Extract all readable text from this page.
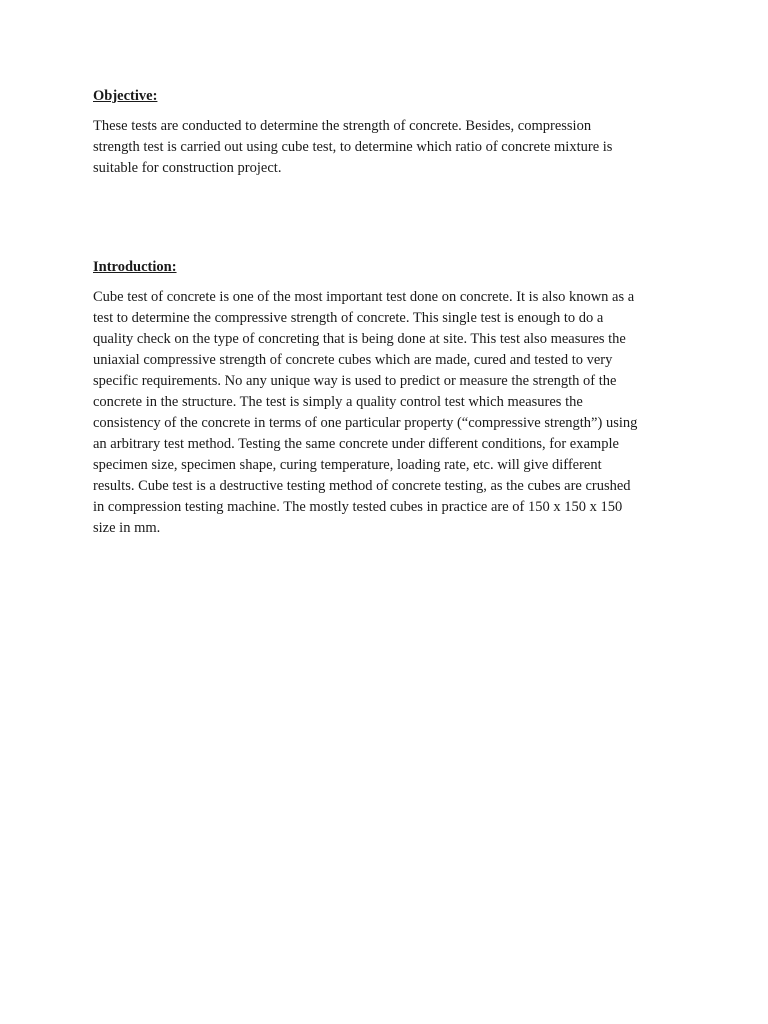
Objective:

These tests are conducted to determine the strength of concrete. Besides, compression
strength test is carried out using cube test, to determine which ratio of concrete mixture is
suitable for construction project.

Introduction:

Cube test of concrete is one of the most important test done on concrete. It is also known as a
test to determine the compressive strength of concrete. This single test is enough to do a
quality check on the type of concreting that is being done at site. This test also measures the
uniaxial compressive strength of concrete cubes which are made, cured and tested to very
specific requirements. No any unique way is used to predict or measure the strength of the
concrete in the structure. The test is simply a quality control test which measures the
consistency of the concrete in terms of one particular property (“compressive strength”) using
an arbitrary test method. Testing the same concrete under different conditions, for example
specimen size, specimen shape, curing temperature, loading rate, etc. will give different
results. Cube test is a destructive testing method of concrete testing, as the cubes are crushed
in compression testing machine. The mostly tested cubes in practice are of 150 x 150 x 150
size in mm.
